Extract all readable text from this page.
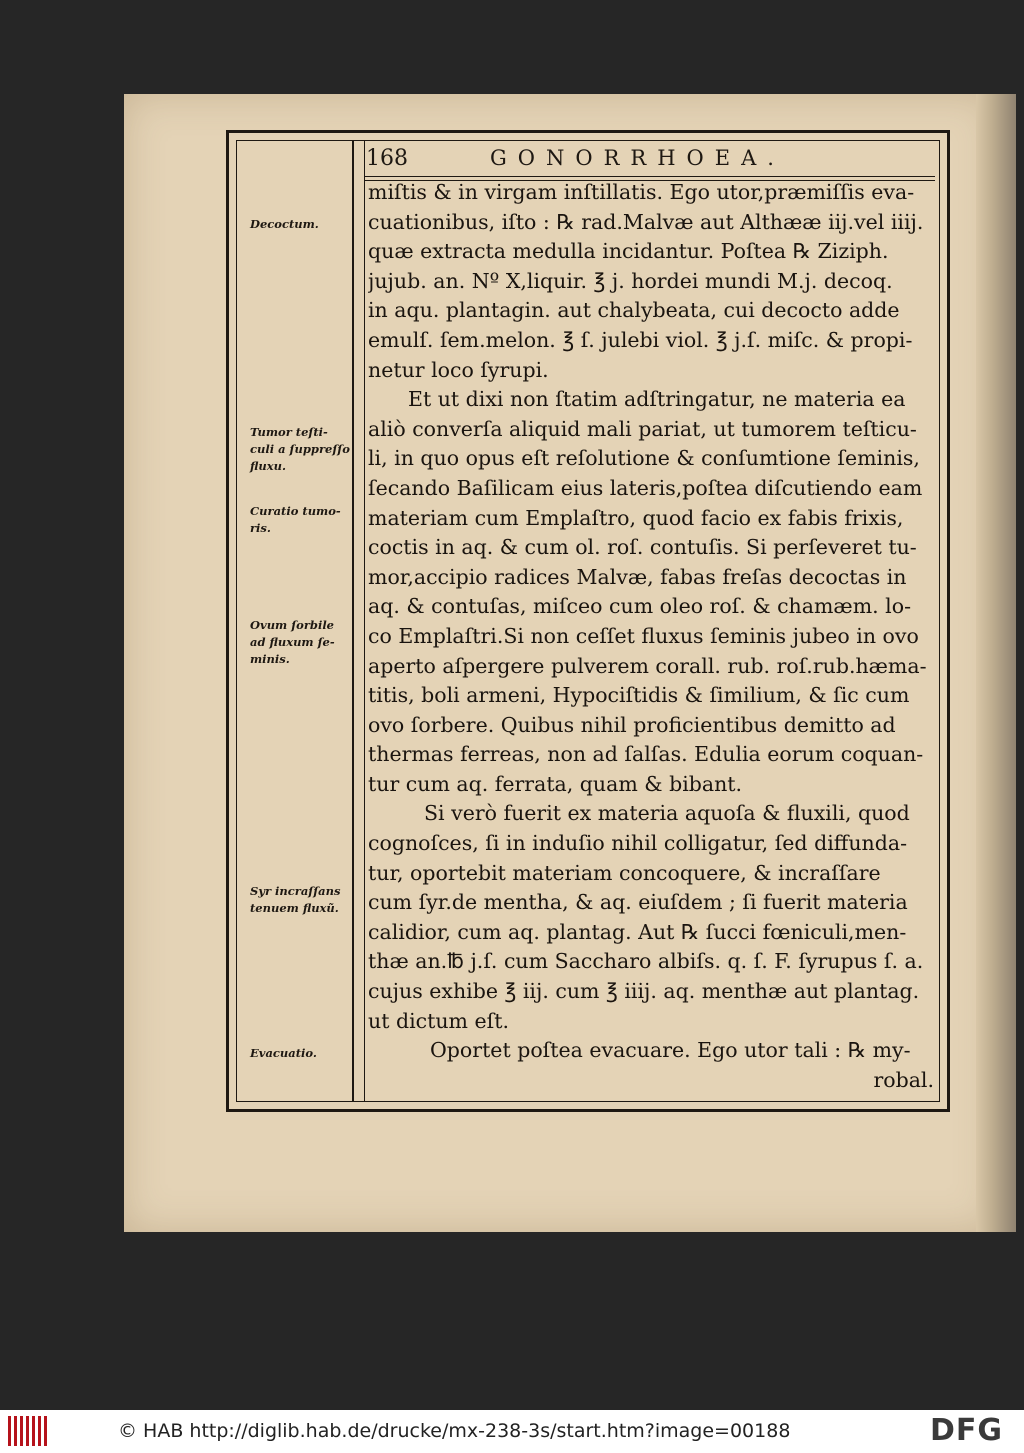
168	GONORRHOEA.
miſtis & in virgam inſtillatis. Ego utor,præmiſſis eva-
cuationibus, iſto : ℞ rad.Malvæ aut Althææ iij.vel iiij.
quæ extracta medulla incidantur. Poſtea ℞ Ziziph.
jujub. an. Nº X,liquir. ℥ j. hordei mundi M.j. decoq.
in aqu. plantagin. aut chalybeata, cui decocto adde
emulſ. ſem.melon. ℥ ſ. julebi viol. ℥ j.ſ. miſc. & propi-
netur loco ſyrupi.
Et ut dixi non ſtatim adſtringatur, ne materia ea
aliò converſa aliquid mali pariat, ut tumorem teſticu-
li, in quo opus eſt reſolutione & conſumtione ſeminis,
ſecando Baſilicam eius lateris,poſtea diſcutiendo eam
materiam cum Emplaſtro, quod facio ex fabis frixis,
coctis in aq. & cum ol. roſ. contuſis. Si perſeveret tu-
mor,accipio radices Malvæ, fabas freſas decoctas in
aq. & contuſas, miſceo cum oleo roſ. & chamæm. lo-
co Emplaſtri.Si non ceſſet fluxus ſeminis jubeo in ovo
aperto aſpergere pulverem corall. rub. roſ.rub.hæma-
titis, boli armeni, Hypociſtidis & ſimilium, & ſic cum
ovo ſorbere. Quibus nihil proficientibus demitto ad
thermas ferreas, non ad ſalſas. Edulia eorum coquan-
tur cum aq. ferrata, quam & bibant.
Si verò fuerit ex materia aquoſa & fluxili, quod
cognoſces, ſi in induſio nihil colligatur, ſed diffunda-
tur, oportebit materiam concoquere, & incraſſare
cum ſyr.de mentha, & aq. eiuſdem ; ſi fuerit materia
calidior, cum aq. plantag. Aut ℞ ſucci fœniculi,men-
thæ an.℔ j.ſ. cum Saccharo albiſs. q. ſ. F. ſyrupus ſ. a.
cujus exhibe ℥ iij. cum ℥ iiij. aq. menthæ aut plantag.
ut dictum eſt.
Oportet poſtea evacuare. Ego utor tali : ℞ my-
robal.
Decoctum.
Tumor teſti-culi a ſuppreſſo fluxu.
Curatio tumo-ris.
Ovum ſorbile ad fluxum ſe-minis.
Syr incraſſans tenuem fluxũ.
Evacuatio.
© HAB http://diglib.hab.de/drucke/mx-238-3s/start.htm?image=00188	DFG
